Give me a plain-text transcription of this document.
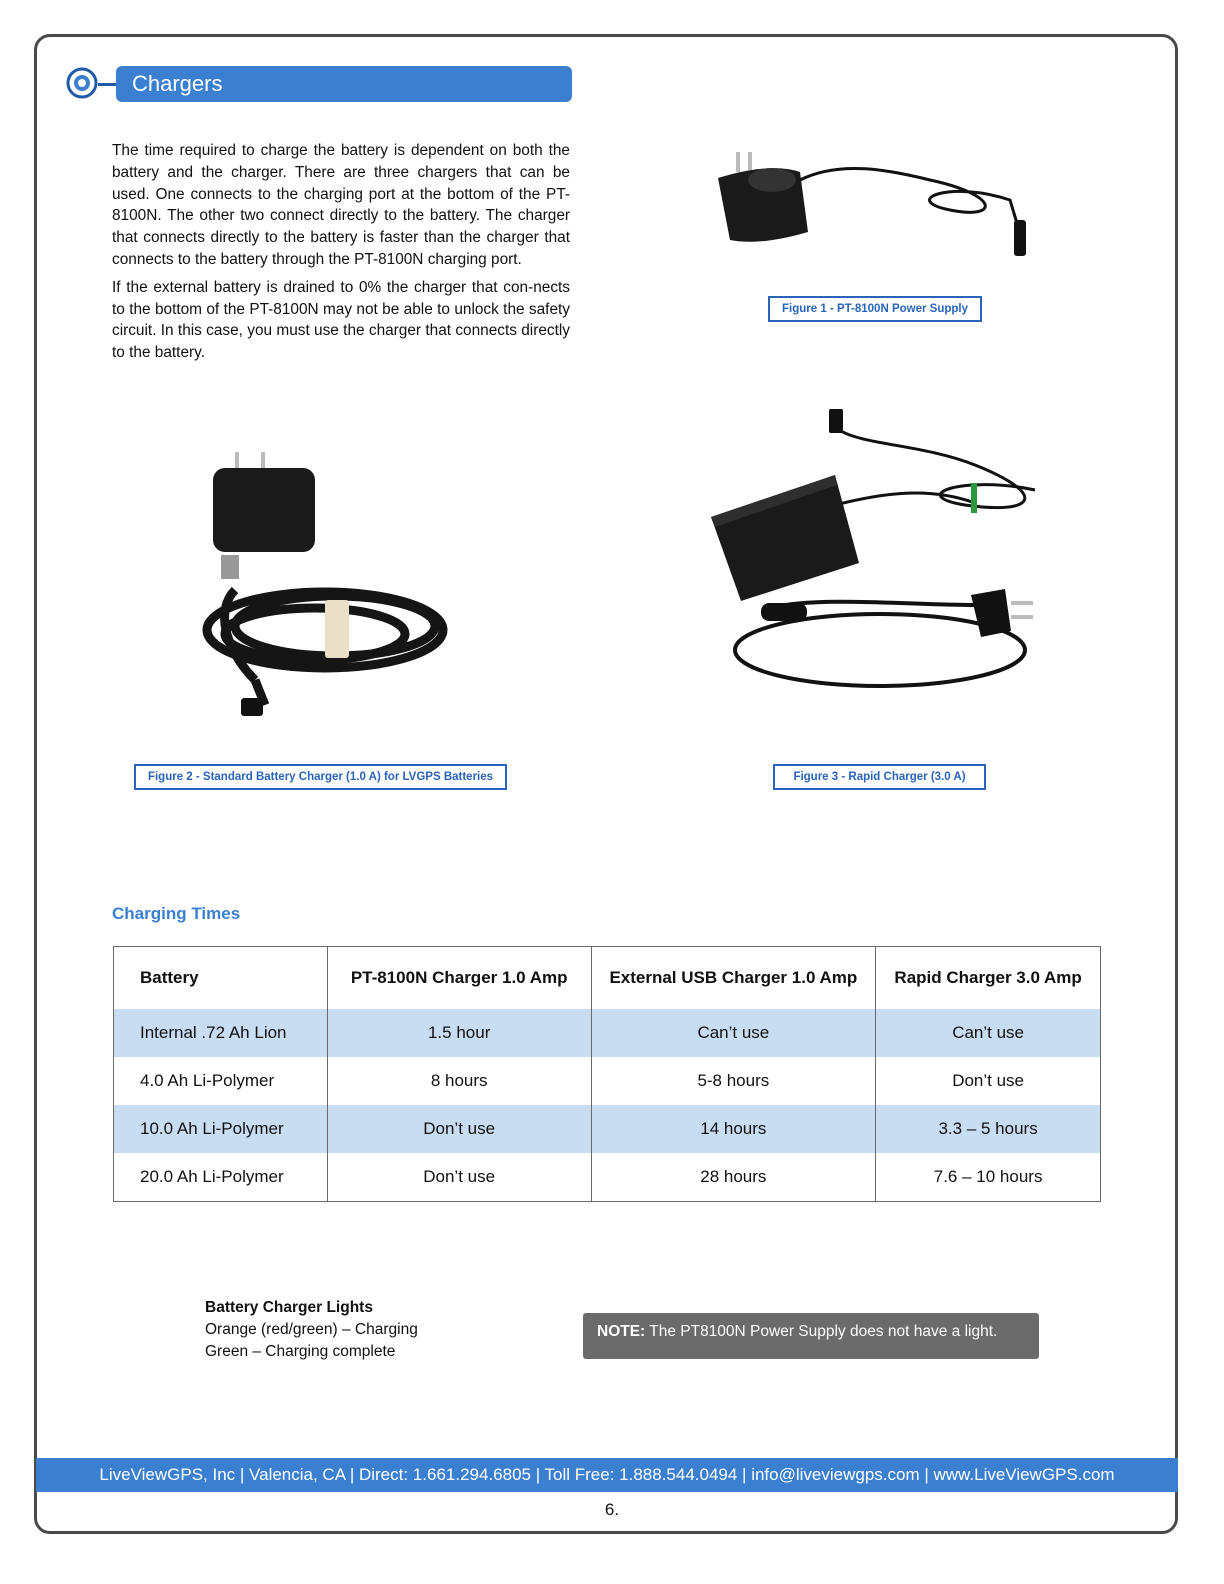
Chargers

The time required to charge the battery is dependent on both the battery and the charger. There are three chargers that can be used. One connects to the charging port at the bottom of the PT-8100N. The other two connect directly to the battery. The charger that connects directly to the battery is faster than the charger that connects to the battery through the PT-8100N charging port.

If the external battery is drained to 0% the charger that con-nects to the bottom of the PT-8100N may not be able to unlock the safety circuit. In this case, you must use the charger that connects directly to the battery.

Figure 1 - PT-8100N Power Supply
Figure 2 - Standard Battery Charger (1.0 A) for LVGPS Batteries	Figure 3 - Rapid Charger (3.0 A)
Charging Times
Battery	PT-8100N Charger 1.0 Amp	External USB Charger 1.0 Amp	Rapid Charger 3.0 Amp
Internal .72 Ah Lion	1.5 hour	Can’t use	Can’t use
4.0 Ah Li-Polymer	8 hours	5-8 hours	Don’t use
10.0 Ah Li-Polymer	Don’t use	14 hours	3.3 – 5 hours
20.0 Ah Li-Polymer	Don’t use	28 hours	7.6 – 10 hours
Battery Charger Lights
Orange (red/green) – Charging
Green – Charging complete
NOTE: The PT8100N Power Supply does not have a light.
LiveViewGPS, Inc | Valencia, CA | Direct: 1.661.294.6805 | Toll Free: 1.888.544.0494 | info@liveviewgps.com | www.LiveViewGPS.com
6.
